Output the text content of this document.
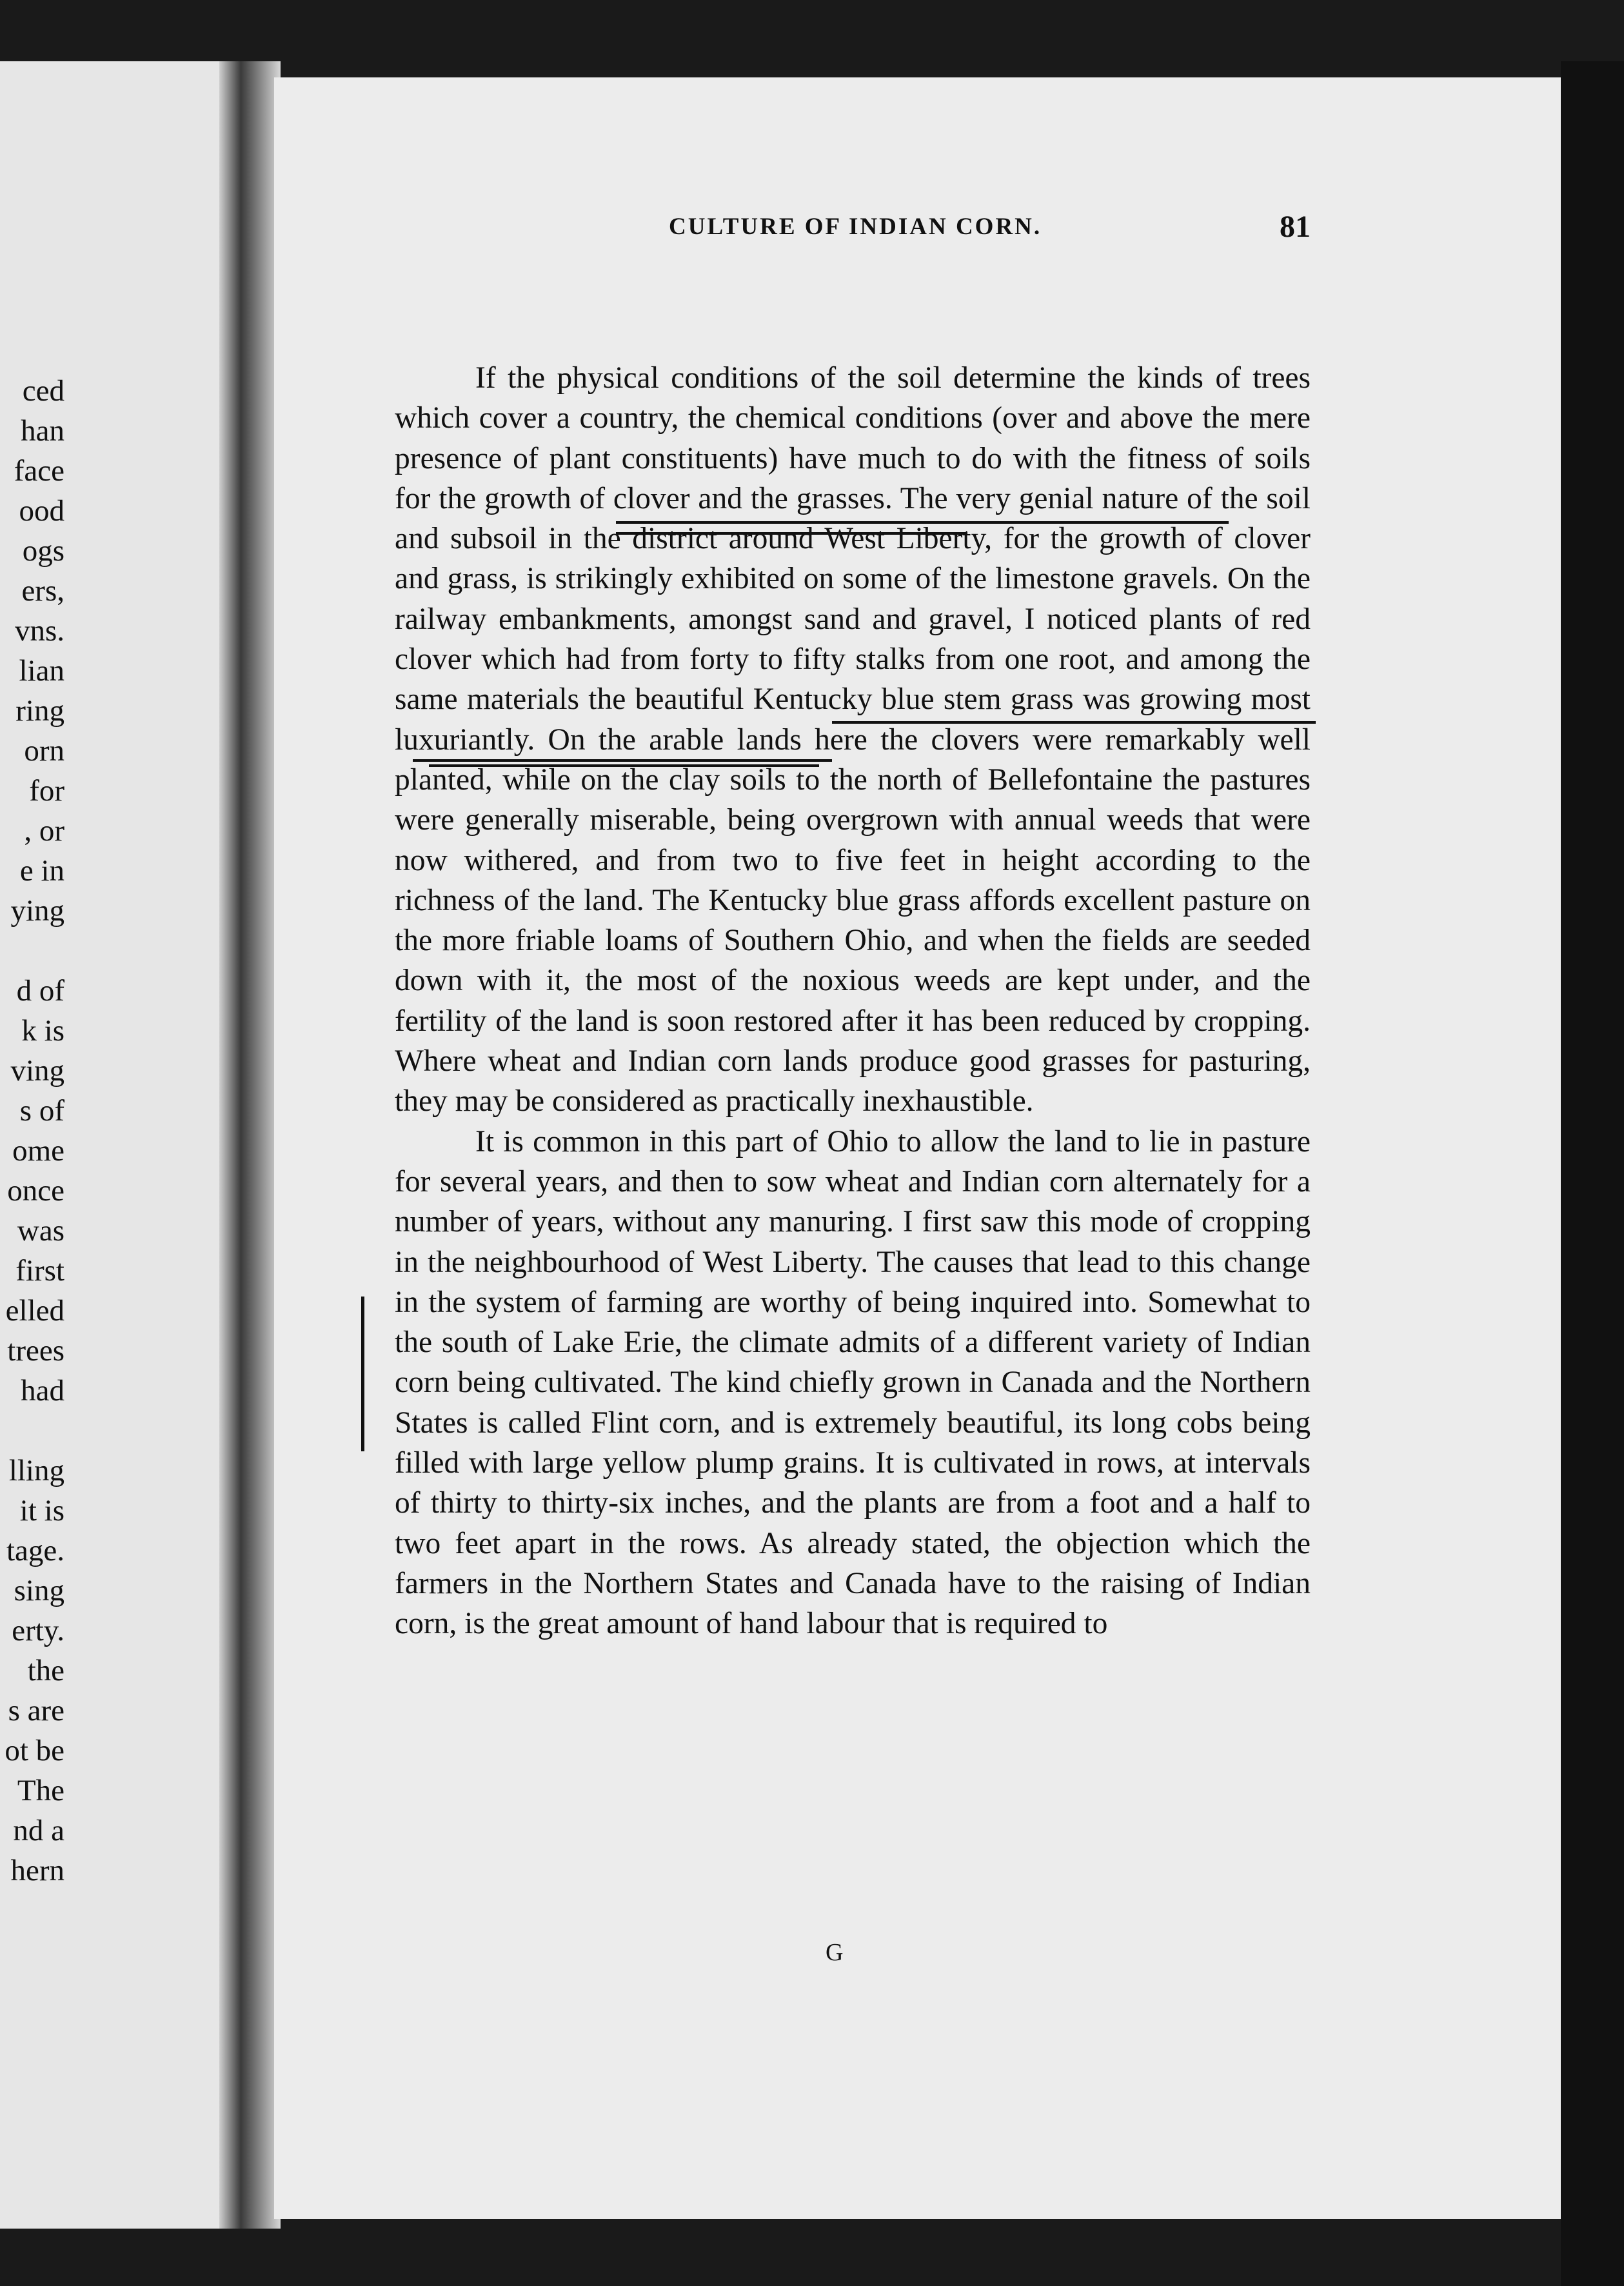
ced
han
face
ood
ogs
ers,
vns.
lian
ring
orn
for
, or
e in
ying
d of
k is
ving
s of
ome
once
was
first
elled
trees
had
lling
it is
tage.
sing
erty.
the
s are
ot be
The
nd a
hern
CULTURE OF INDIAN CORN.	81

If the physical conditions of the soil determine the kinds of trees which cover a country, the chemical conditions (over and above the mere presence of plant constituents) have much to do with the fitness of soils for the growth of clover and the grasses. The very genial nature of the soil and subsoil in the district around West Liberty, for the growth of clover and grass, is strikingly exhibited on some of the limestone gravels. On the railway embankments, amongst sand and gravel, I noticed plants of red clover which had from forty to fifty stalks from one root, and among the same materials the beautiful Kentucky blue stem grass was growing most luxuriantly. On the arable lands here the clovers were remarkably well planted, while on the clay soils to the north of Bellefontaine the pastures were generally miserable, being overgrown with annual weeds that were now withered, and from two to five feet in height according to the richness of the land. The Kentucky blue grass affords excellent pasture on the more friable loams of Southern Ohio, and when the fields are seeded down with it, the most of the noxious weeds are kept under, and the fertility of the land is soon restored after it has been reduced by cropping. Where wheat and Indian corn lands produce good grasses for pasturing, they may be considered as practically inexhaustible.

It is common in this part of Ohio to allow the land to lie in pasture for several years, and then to sow wheat and Indian corn alternately for a number of years, without any manuring. I first saw this mode of cropping in the neighbourhood of West Liberty. The causes that lead to this change in the system of farming are worthy of being inquired into. Somewhat to the south of Lake Erie, the climate admits of a different variety of Indian corn being cultivated. The kind chiefly grown in Canada and the Northern States is called Flint corn, and is extremely beautiful, its long cobs being filled with large yellow plump grains. It is cultivated in rows, at intervals of thirty to thirty-six inches, and the plants are from a foot and a half to two feet apart in the rows. As already stated, the objection which the farmers in the Northern States and Canada have to the raising of Indian corn, is the great amount of hand labour that is required to

G
